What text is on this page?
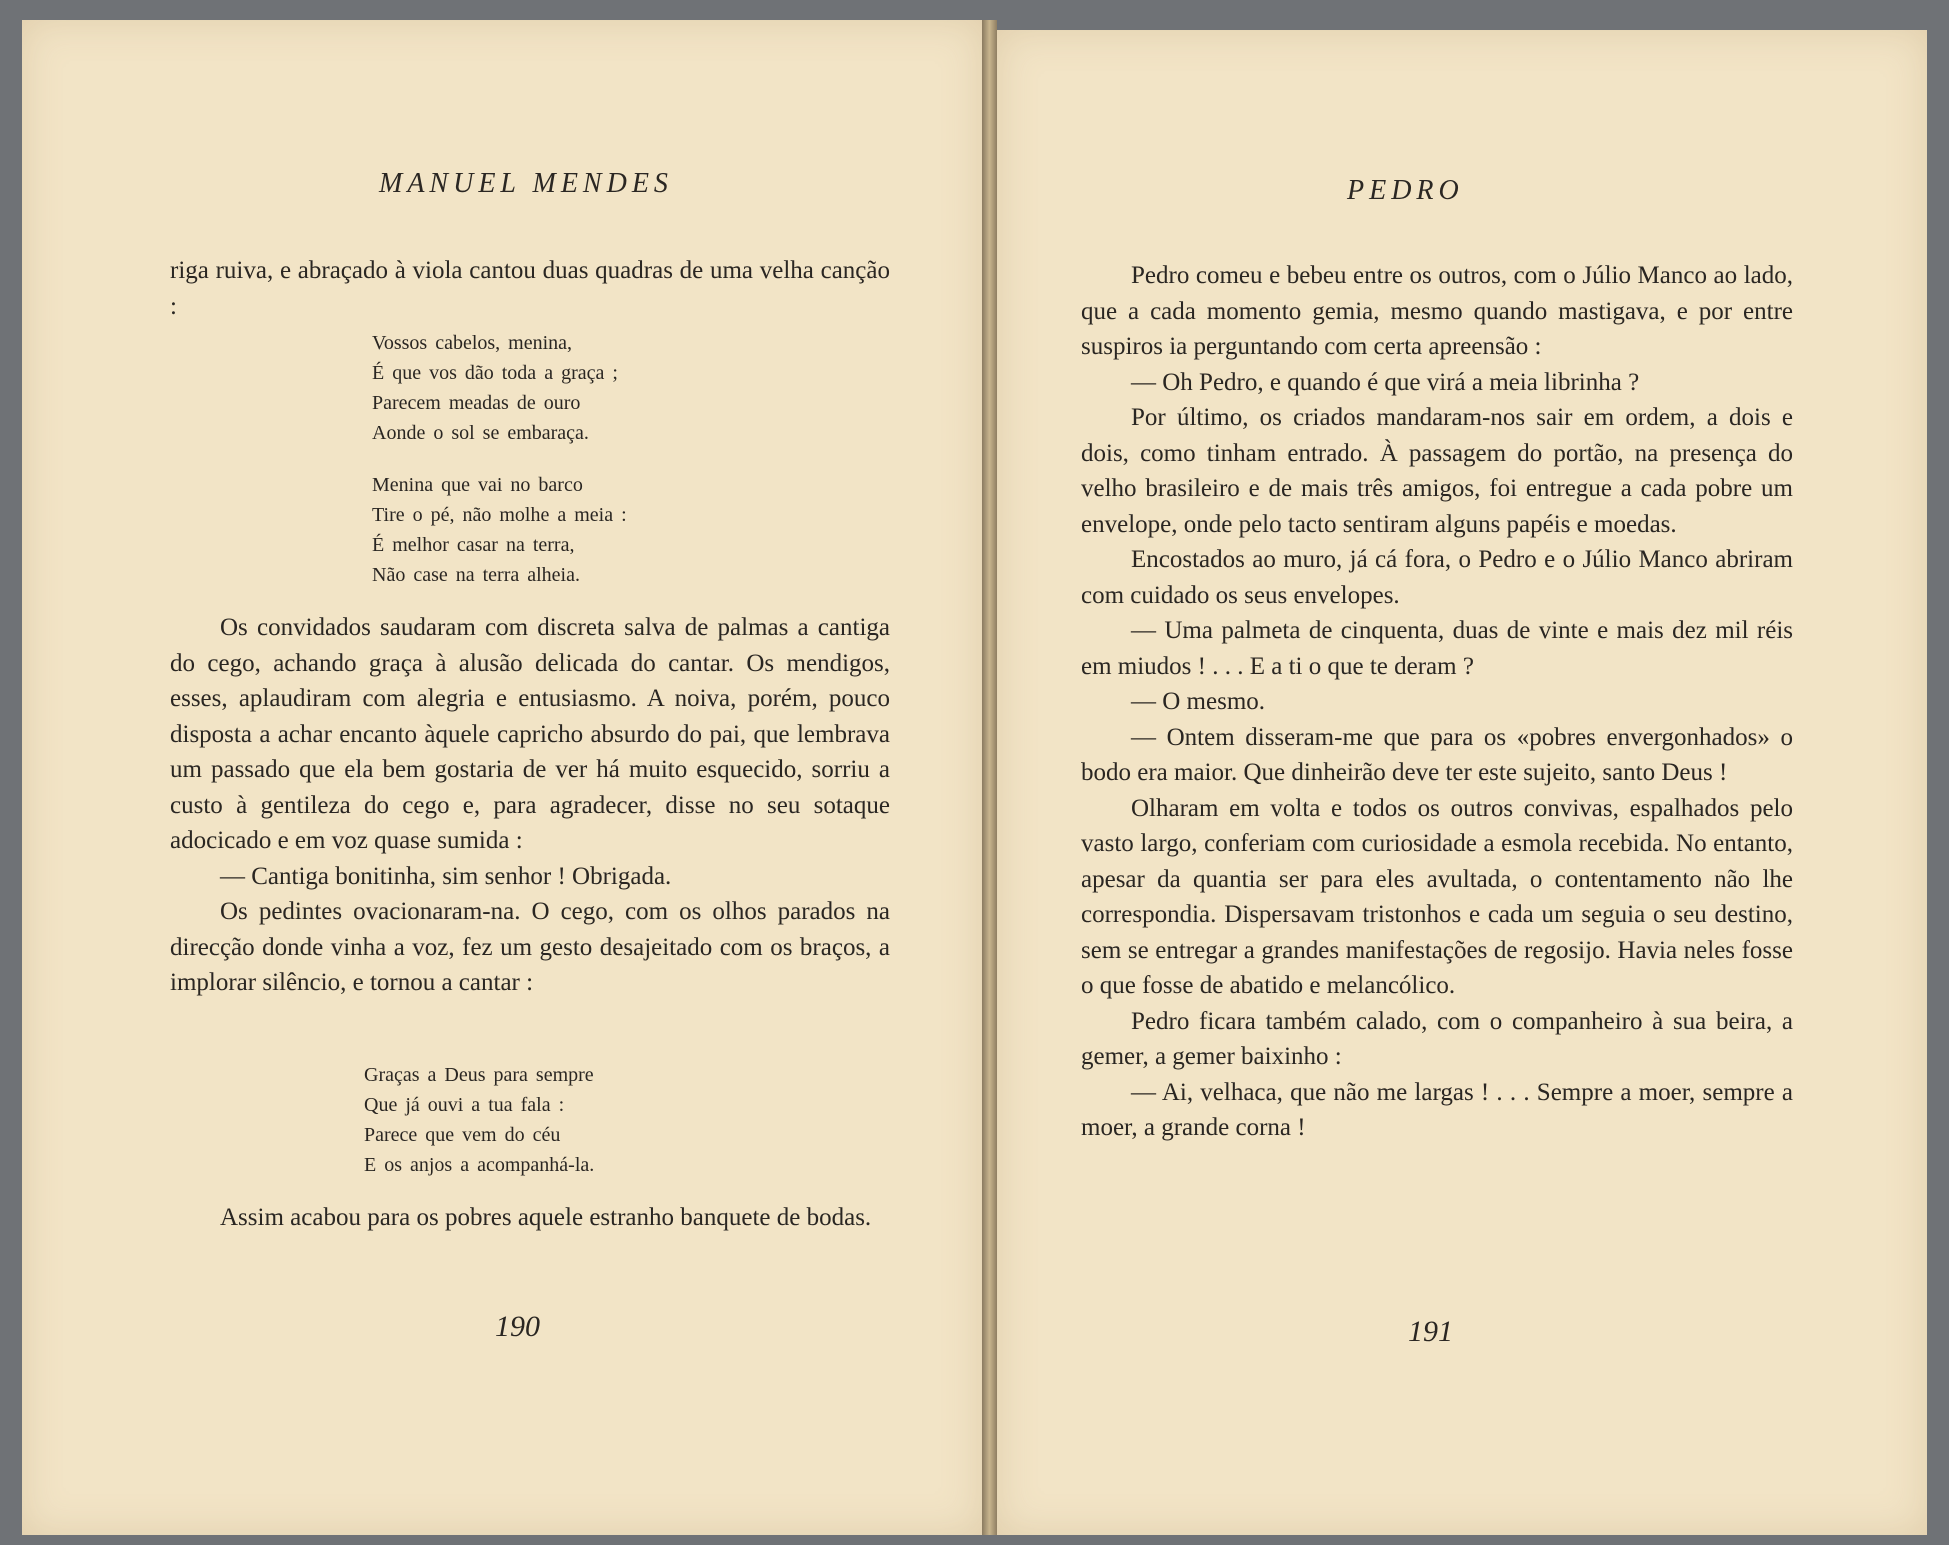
MANUEL MENDES

riga ruiva, e abraçado à viola cantou duas quadras de uma velha canção :

Vossos cabelos, menina,
É que vos dão toda a graça ;
Parecem meadas de ouro
Aonde o sol se embaraça.
Menina que vai no barco
Tire o pé, não molhe a meia :
É melhor casar na terra,
Não case na terra alheia.

Os convidados saudaram com discreta salva de palmas a cantiga do cego, achando graça à alusão delicada do cantar. Os mendigos, esses, aplaudiram com alegria e entusiasmo. A noiva, porém, pouco disposta a achar encanto àquele capricho absurdo do pai, que lembrava um passado que ela bem gostaria de ver há muito esquecido, sorriu a custo à gentileza do cego e, para agradecer, disse no seu sotaque adocicado e em voz quase sumida :

— Cantiga bonitinha, sim senhor ! Obrigada.

Os pedintes ovacionaram-na. O cego, com os olhos parados na direcção donde vinha a voz, fez um gesto desajeitado com os braços, a implorar silêncio, e tornou a cantar :

Graças a Deus para sempre
Que já ouvi a tua fala :
Parece que vem do céu
E os anjos a acompanhá-la.

Assim acabou para os pobres aquele estranho banquete de bodas.

190
PEDRO

Pedro comeu e bebeu entre os outros, com o Júlio Manco ao lado, que a cada momento gemia, mesmo quando mastigava, e por entre suspiros ia perguntando com certa apreensão :

— Oh Pedro, e quando é que virá a meia librinha ?

Por último, os criados mandaram-nos sair em ordem, a dois e dois, como tinham entrado. À passagem do portão, na presença do velho brasileiro e de mais três amigos, foi entregue a cada pobre um envelope, onde pelo tacto sentiram alguns papéis e moedas.

Encostados ao muro, já cá fora, o Pedro e o Júlio Manco abriram com cuidado os seus envelopes.

— Uma palmeta de cinquenta, duas de vinte e mais dez mil réis em miudos ! . . . E a ti o que te deram ?

— O mesmo.

— Ontem disseram-me que para os «pobres envergonhados» o bodo era maior. Que dinheirão deve ter este sujeito, santo Deus !

Olharam em volta e todos os outros convivas, espalhados pelo vasto largo, conferiam com curiosidade a esmola recebida. No entanto, apesar da quantia ser para eles avultada, o contentamento não lhe correspondia. Dispersavam tristonhos e cada um seguia o seu destino, sem se entregar a grandes manifestações de regosijo. Havia neles fosse o que fosse de abatido e melancólico.

Pedro ficara também calado, com o companheiro à sua beira, a gemer, a gemer baixinho :

— Ai, velhaca, que não me largas ! . . . Sempre a moer, sempre a moer, a grande corna !

191
